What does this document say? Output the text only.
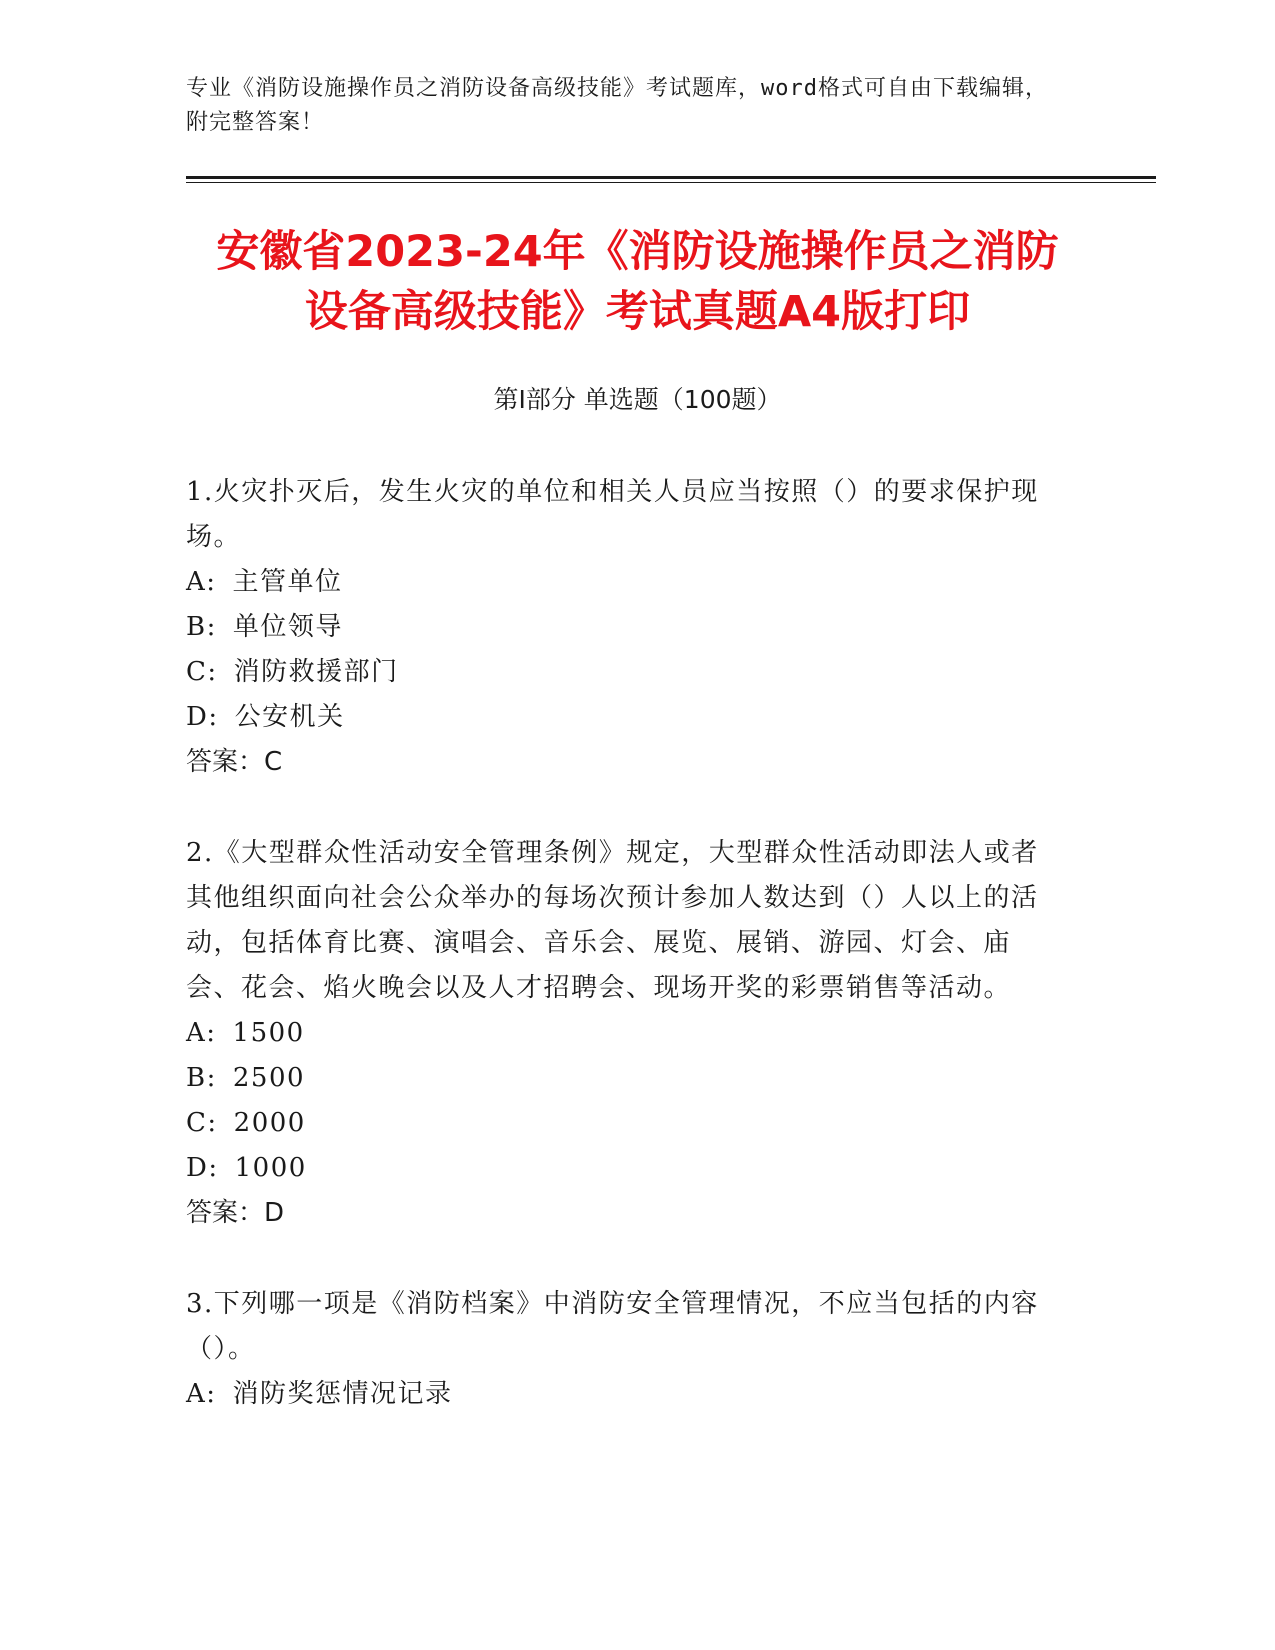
专业《消防设施操作员之消防设备高级技能》考试题库，word格式可自由下载编辑，附完整答案！
安徽省2023-24年《消防设施操作员之消防
设备高级技能》考试真题A4版打印
第Ⅰ部分 单选题（100题）
1.火灾扑灭后，发生火灾的单位和相关人员应当按照（）的要求保护现场。
A: 主管单位
B: 单位领导
C: 消防救援部门
D: 公安机关
答案：C
2.《大型群众性活动安全管理条例》规定，大型群众性活动即法人或者其他组织面向社会公众举办的每场次预计参加人数达到（）人以上的活动，包括体育比赛、演唱会、音乐会、展览、展销、游园、灯会、庙会、花会、焰火晚会以及人才招聘会、现场开奖的彩票销售等活动。
A: 1500
B: 2500
C: 2000
D: 1000
答案：D
3.下列哪一项是《消防档案》中消防安全管理情况，不应当包括的内容（）。
A: 消防奖惩情况记录
